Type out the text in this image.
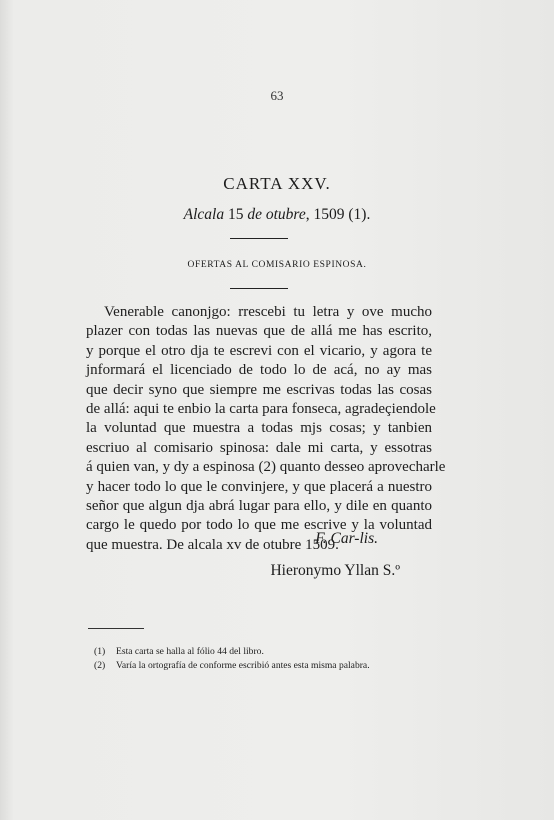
63
CARTA XXV.
Alcala 15 de otubre, 1509 (1).
OFERTAS AL COMISARIO ESPINOSA.
Venerable canonjgo: rrescebi tu letra y ove mucho
plazer con todas las nuevas que de allá me has escrito,
y porque el otro dja te escrevi con el vicario, y agora te
jnformará el licenciado de todo lo de acá, no ay mas
que decir syno que siempre me escrivas todas las cosas
de allá: aqui te enbio la carta para fonseca, agradeçiendole
la voluntad que muestra a todas mjs cosas; y tanbien
escriuo al comisario spinosa: dale mi carta, y essotras
á quien van, y dy a espinosa (2) quanto desseo aprovecharle
y hacer todo lo que le convinjere, y que placerá a nuestro
señor que algun dja abrá lugar para ello, y dile en quanto
cargo le quedo por todo lo que me escrive y la voluntad
que muestra. De alcala xv de otubre 1509.
F. Car-lis.
Hieronymo Yllan S.º
(1)	Esta carta se halla al fólio 44 del libro.
(2)	Varía la ortografía de conforme escribió antes esta misma palabra.
